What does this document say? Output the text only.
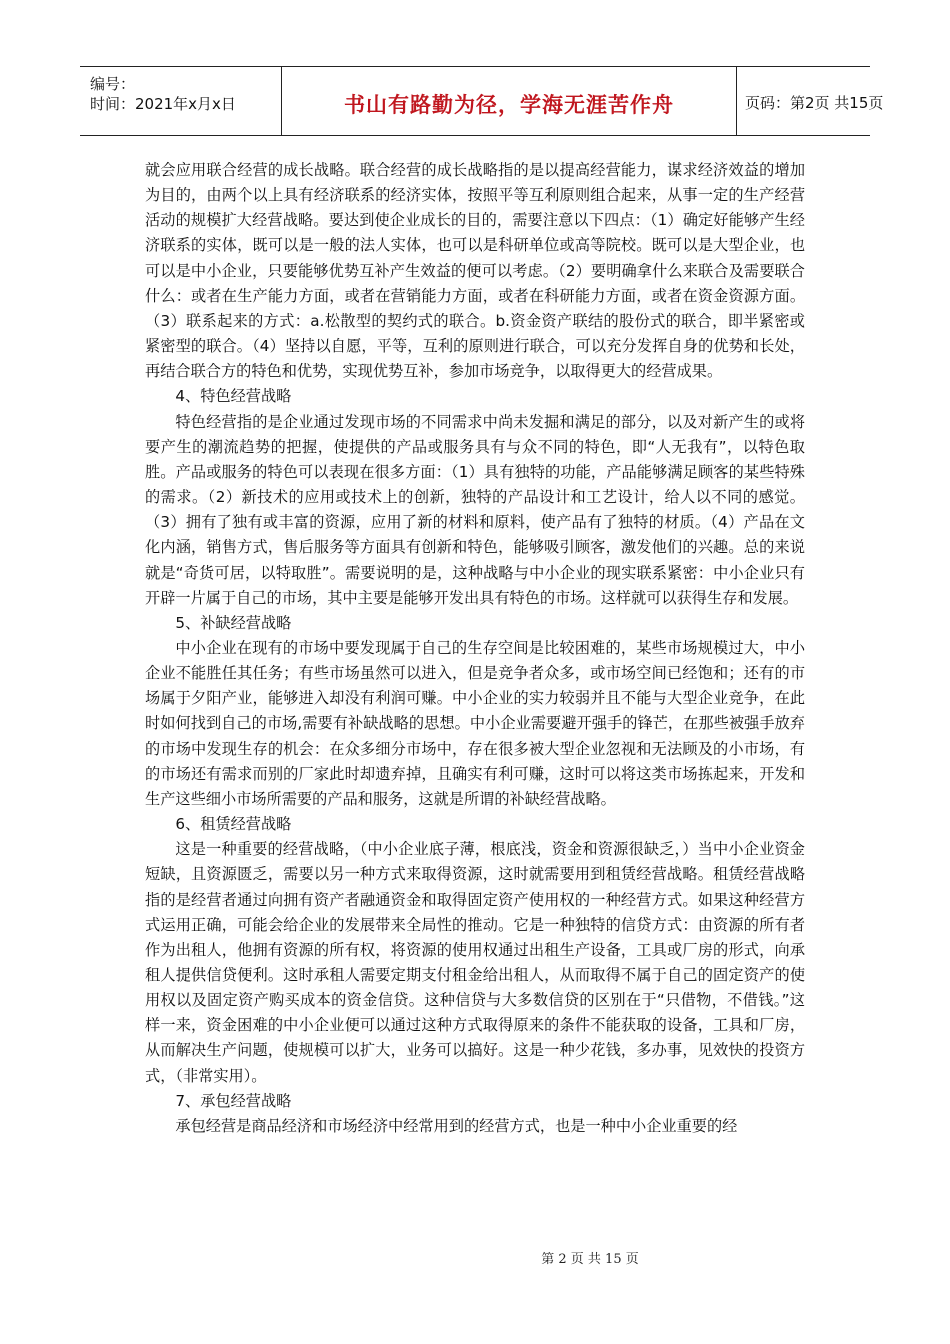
编号：
时间：2021年x月x日	书山有路勤为径，学海无涯苦作舟	页码：第2页 共15页

就会应用联合经营的成长战略。联合经营的成长战略指的是以提高经营能力，谋求经济效益的增加为目的，由两个以上具有经济联系的经济实体，按照平等互利原则组合起来，从事一定的生产经营活动的规模扩大经营战略。要达到使企业成长的目的，需要注意以下四点：（1）确定好能够产生经济联系的实体，既可以是一般的法人实体，也可以是科研单位或高等院校。既可以是大型企业，也可以是中小企业，只要能够优势互补产生效益的便可以考虑。（2）要明确拿什么来联合及需要联合什么：或者在生产能力方面，或者在营销能力方面，或者在科研能力方面，或者在资金资源方面。（3）联系起来的方式：a.松散型的契约式的联合。b.资金资产联结的股份式的联合，即半紧密或紧密型的联合。（4）坚持以自愿，平等，互利的原则进行联合，可以充分发挥自身的优势和长处，再结合联合方的特色和优势，实现优势互补，参加市场竞争，以取得更大的经营成果。

4、特色经营战略

特色经营指的是企业通过发现市场的不同需求中尚未发掘和满足的部分，以及对新产生的或将要产生的潮流趋势的把握，使提供的产品或服务具有与众不同的特色，即“人无我有”，以特色取胜。产品或服务的特色可以表现在很多方面：（1）具有独特的功能，产品能够满足顾客的某些特殊的需求。（2）新技术的应用或技术上的创新，独特的产品设计和工艺设计，给人以不同的感觉。（3）拥有了独有或丰富的资源，应用了新的材料和原料，使产品有了独特的材质。（4）产品在文化内涵，销售方式，售后服务等方面具有创新和特色，能够吸引顾客，激发他们的兴趣。总的来说就是“奇货可居，以特取胜”。需要说明的是，这种战略与中小企业的现实联系紧密：中小企业只有开辟一片属于自己的市场，其中主要是能够开发出具有特色的市场。这样就可以获得生存和发展。

5、补缺经营战略

中小企业在现有的市场中要发现属于自己的生存空间是比较困难的，某些市场规模过大，中小企业不能胜任其任务；有些市场虽然可以进入，但是竞争者众多，或市场空间已经饱和；还有的市场属于夕阳产业，能够进入却没有利润可赚。中小企业的实力较弱并且不能与大型企业竞争，在此时如何找到自己的市场,需要有补缺战略的思想。中小企业需要避开强手的锋芒，在那些被强手放弃的市场中发现生存的机会：在众多细分市场中，存在很多被大型企业忽视和无法顾及的小市场，有的市场还有需求而别的厂家此时却遗弃掉，且确实有利可赚，这时可以将这类市场拣起来，开发和生产这些细小市场所需要的产品和服务，这就是所谓的补缺经营战略。

6、租赁经营战略

这是一种重要的经营战略，（中小企业底子薄，根底浅，资金和资源很缺乏，）当中小企业资金短缺，且资源匮乏，需要以另一种方式来取得资源，这时就需要用到租赁经营战略。租赁经营战略指的是经营者通过向拥有资产者融通资金和取得固定资产使用权的一种经营方式。如果这种经营方式运用正确，可能会给企业的发展带来全局性的推动。它是一种独特的信贷方式：由资源的所有者作为出租人，他拥有资源的所有权，将资源的使用权通过出租生产设备，工具或厂房的形式，向承租人提供信贷便利。这时承租人需要定期支付租金给出租人，从而取得不属于自己的固定资产的使用权以及固定资产购买成本的资金信贷。这种信贷与大多数信贷的区别在于“只借物，不借钱。”这样一来，资金困难的中小企业便可以通过这种方式取得原来的条件不能获取的设备，工具和厂房，从而解决生产问题，使规模可以扩大，业务可以搞好。这是一种少花钱，多办事，见效快的投资方式，（非常实用）。

7、承包经营战略

承包经营是商品经济和市场经济中经常用到的经营方式，也是一种中小企业重要的经

第 2 页 共 15 页
